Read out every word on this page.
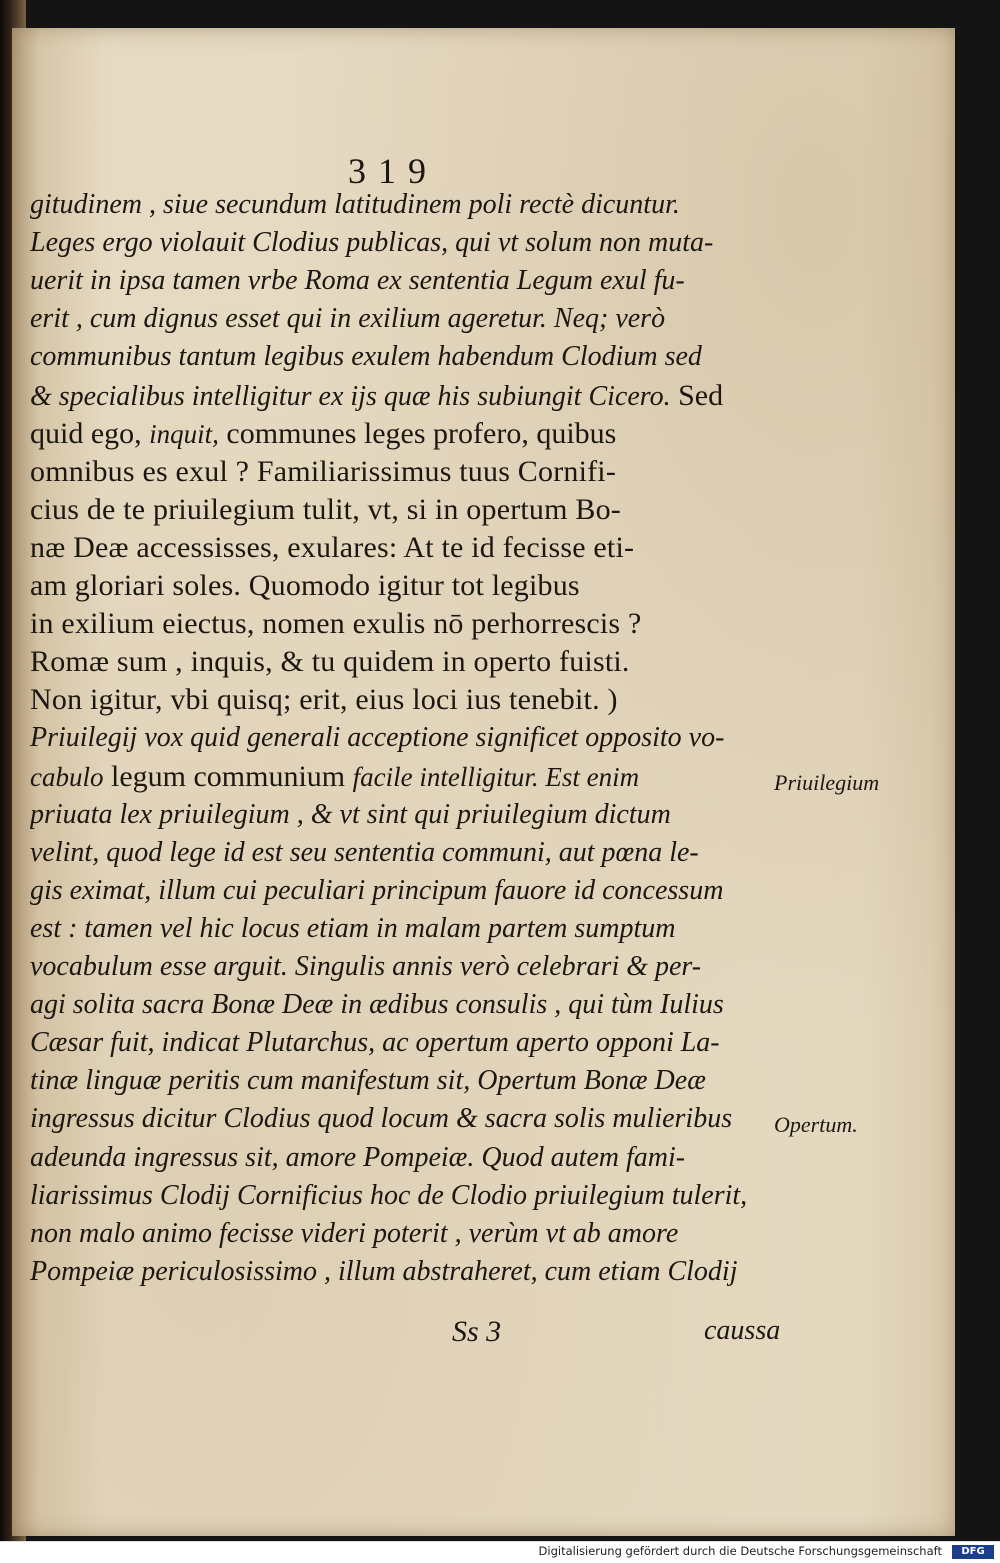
319
gitudinem , siue secundum latitudinem poli rectè dicuntur.
Leges ergo violauit Clodius publicas, qui vt solum non muta-
uerit in ipsa tamen vrbe Roma ex sententia Legum exul fu-
erit , cum dignus esset qui in exilium ageretur. Neq; verò
communibus tantum legibus exulem habendum Clodium sed
& specialibus intelligitur ex ijs quæ his subiungit Cicero. Sed
quid ego, inquit, communes leges profero, quibus
omnibus es exul ? Familiarissimus tuus Cornifi-
cius de te priuilegium tulit, vt, si in opertum Bo-
næ Deæ accessisses, exulares: At te id fecisse eti-
am gloriari soles. Quomodo igitur tot legibus
in exilium eiectus, nomen exulis nō perhorrescis ?
Romæ sum , inquis, & tu quidem in operto fuisti.
Non igitur, vbi quisq; erit, eius loci ius tenebit. )
Priuilegij vox quid generali acceptione significet opposito vo-
cabulo legum communium facile intelligitur. Est enim
priuata lex priuilegium , & vt sint qui priuilegium dictum
velint, quod lege id est seu sententia communi, aut pœna le-
gis eximat, illum cui peculiari principum fauore id concessum
est : tamen vel hic locus etiam in malam partem sumptum
vocabulum esse arguit. Singulis annis verò celebrari & per-
agi solita sacra Bonæ Deæ in ædibus consulis , qui tùm Iulius
Cæsar fuit, indicat Plutarchus, ac opertum aperto opponi La-
tinæ linguæ peritis cum manifestum sit, Opertum Bonæ Deæ
ingressus dicitur Clodius quod locum & sacra solis mulieribus
adeunda ingressus sit, amore Pompeiæ. Quod autem fami-
liarissimus Clodij Cornificius hoc de Clodio priuilegium tulerit,
non malo animo fecisse videri poterit , verùm vt ab amore
Pompeiæ periculosissimo , illum abstraheret, cum etiam Clodij
Priuilegium
Opertum.
Ss 3	caussa
Digitalisierung gefördert durch die Deutsche Forschungsgemeinschaft	DFG
